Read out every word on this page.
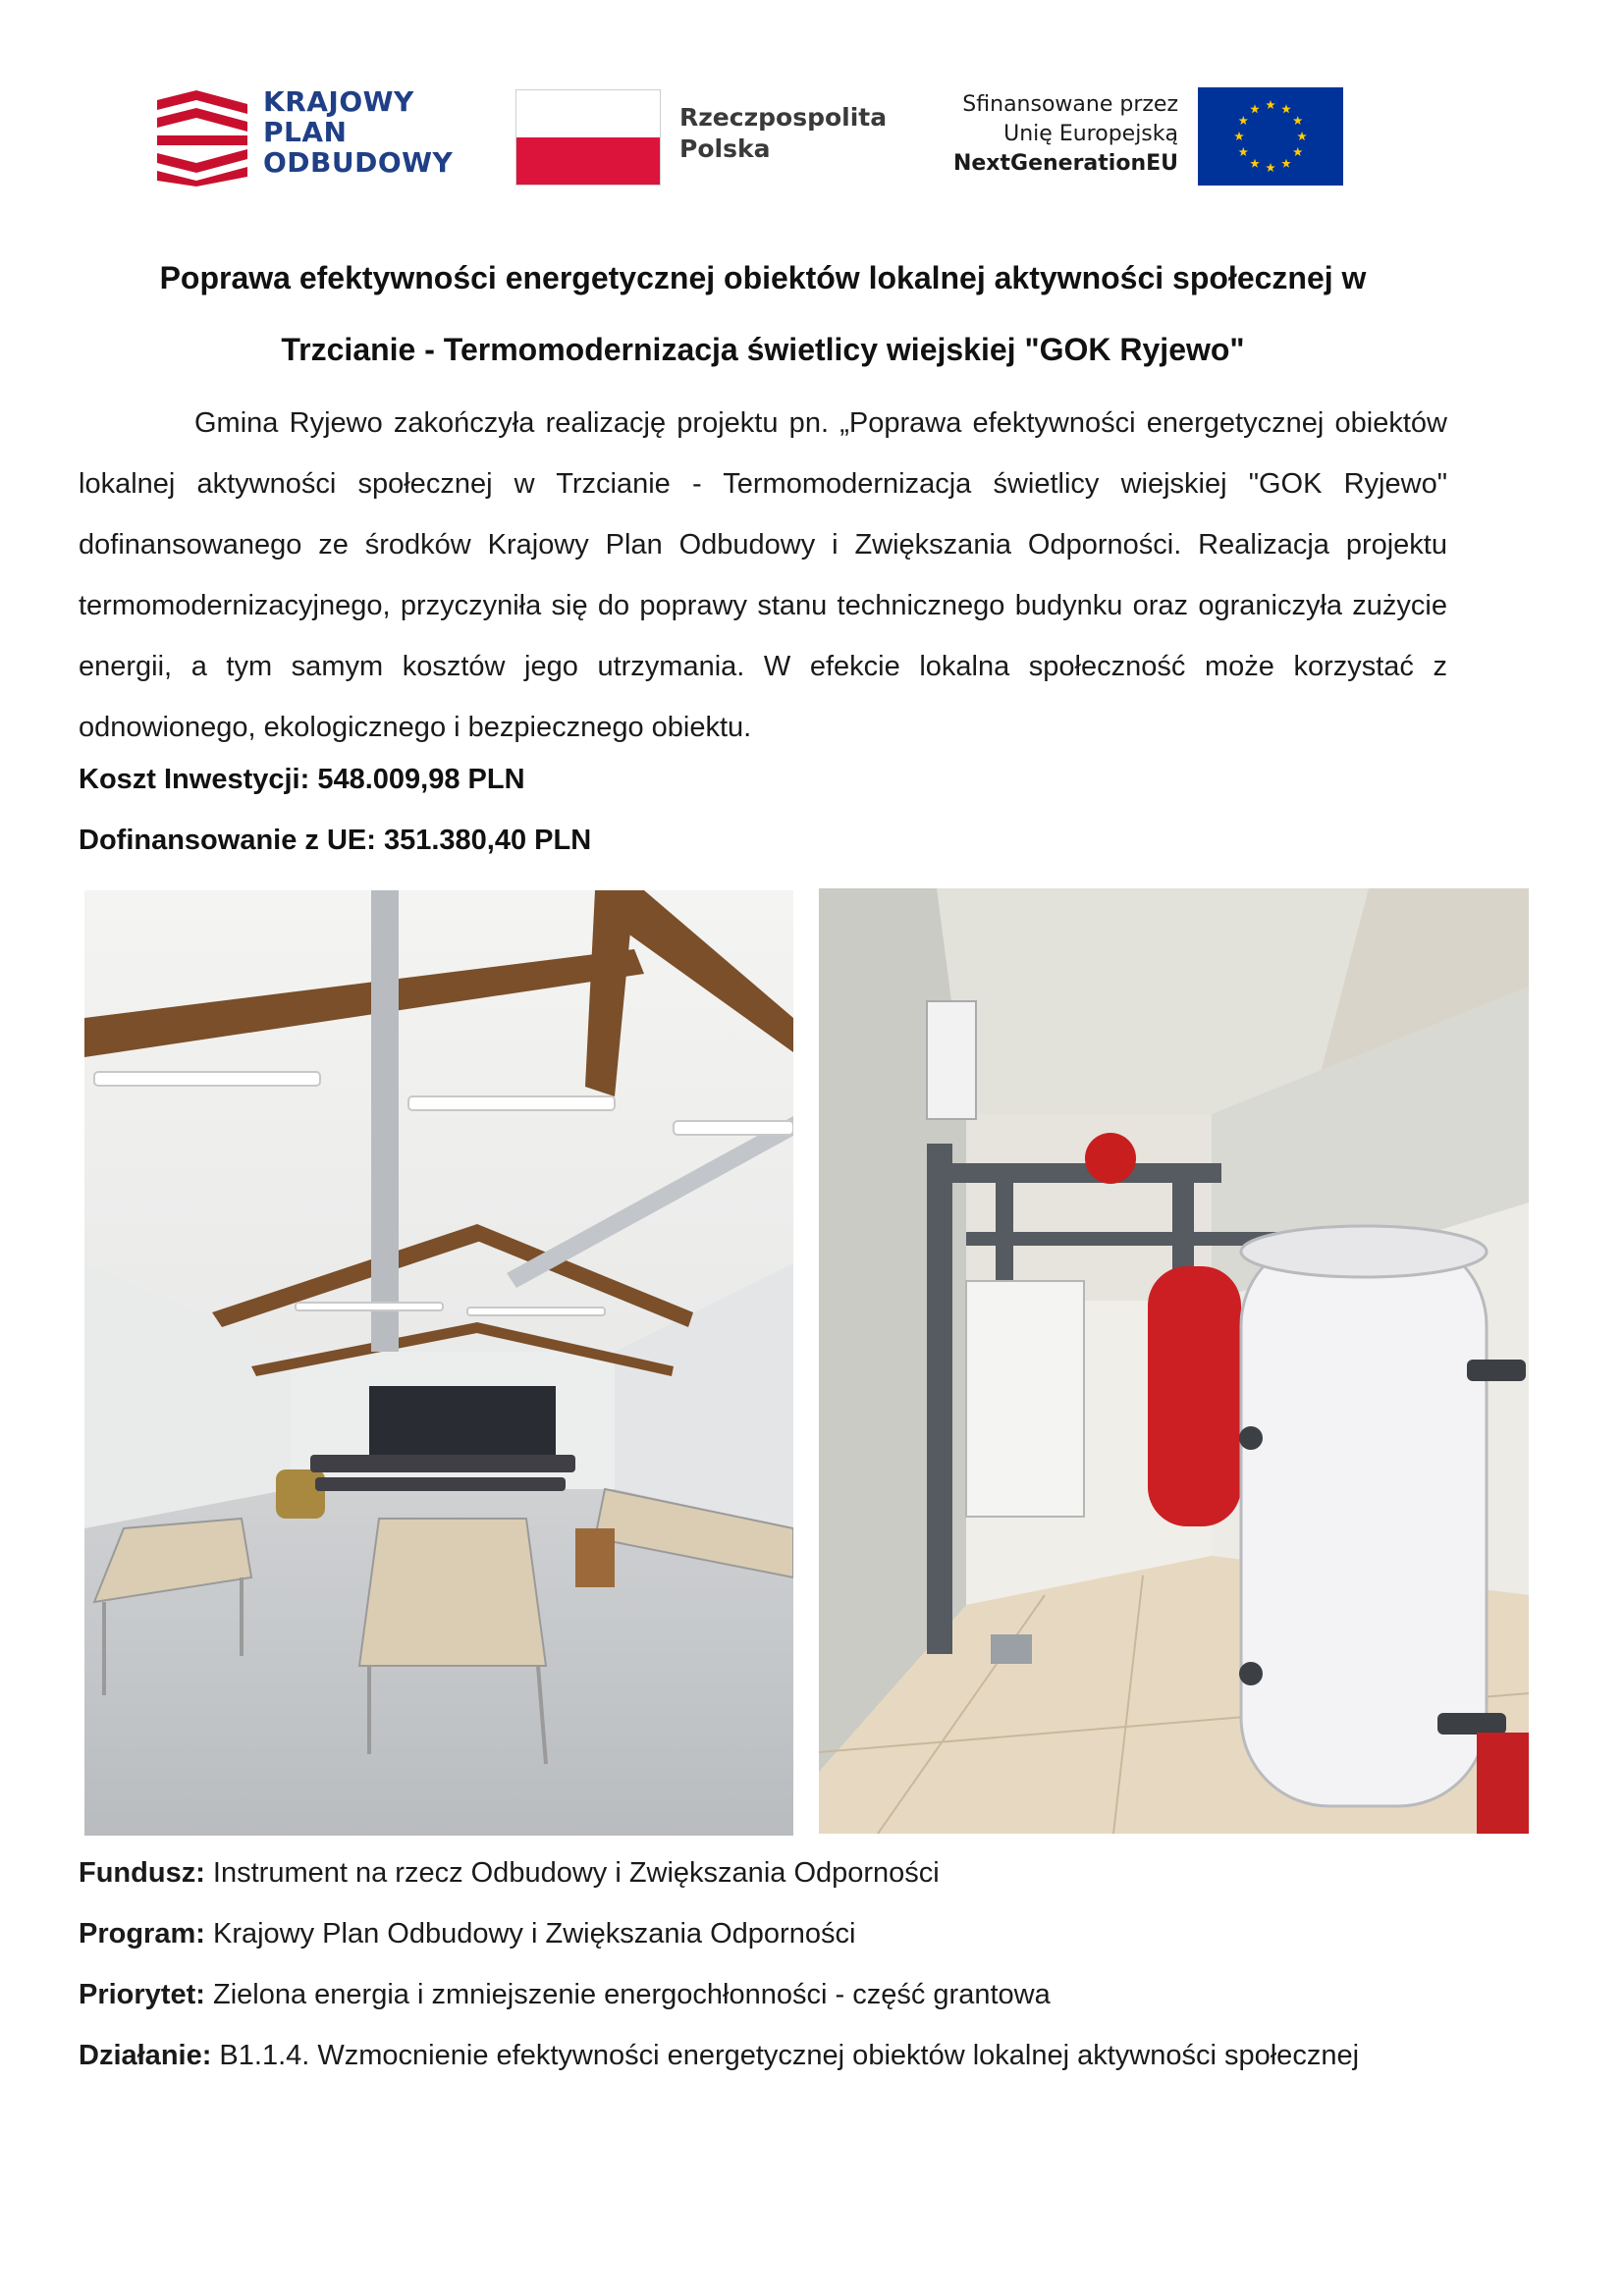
KRAJOWY
PLAN
ODBUDOWY
Rzeczpospolita
Polska
Sfinansowane przez
Unię Europejską
NextGenerationEU
Poprawa efektywności energetycznej obiektów lokalnej aktywności społecznej w
Trzcianie - Termomodernizacja świetlicy wiejskiej "GOK Ryjewo"
Gmina Ryjewo zakończyła realizację projektu pn. „Poprawa efektywności energetycznej obiektów lokalnej aktywności społecznej w Trzcianie - Termomodernizacja świetlicy wiejskiej "GOK Ryjewo" dofinansowanego ze środków Krajowy Plan Odbudowy i Zwiększania Odporności. Realizacja projektu termomodernizacyjnego, przyczyniła się do poprawy stanu technicznego budynku oraz ograniczyła zużycie energii, a tym samym kosztów jego utrzymania. W efekcie lokalna społeczność może korzystać z odnowionego, ekologicznego i bezpiecznego obiektu.
Koszt Inwestycji: 548.009,98 PLN
Dofinansowanie z UE: 351.380,40 PLN
Fundusz: Instrument na rzecz Odbudowy i Zwiększania Odporności
Program: Krajowy Plan Odbudowy i Zwiększania Odporności
Priorytet: Zielona energia i zmniejszenie energochłonności - część grantowa
Działanie: B1.1.4. Wzmocnienie efektywności energetycznej obiektów lokalnej aktywności społecznej
